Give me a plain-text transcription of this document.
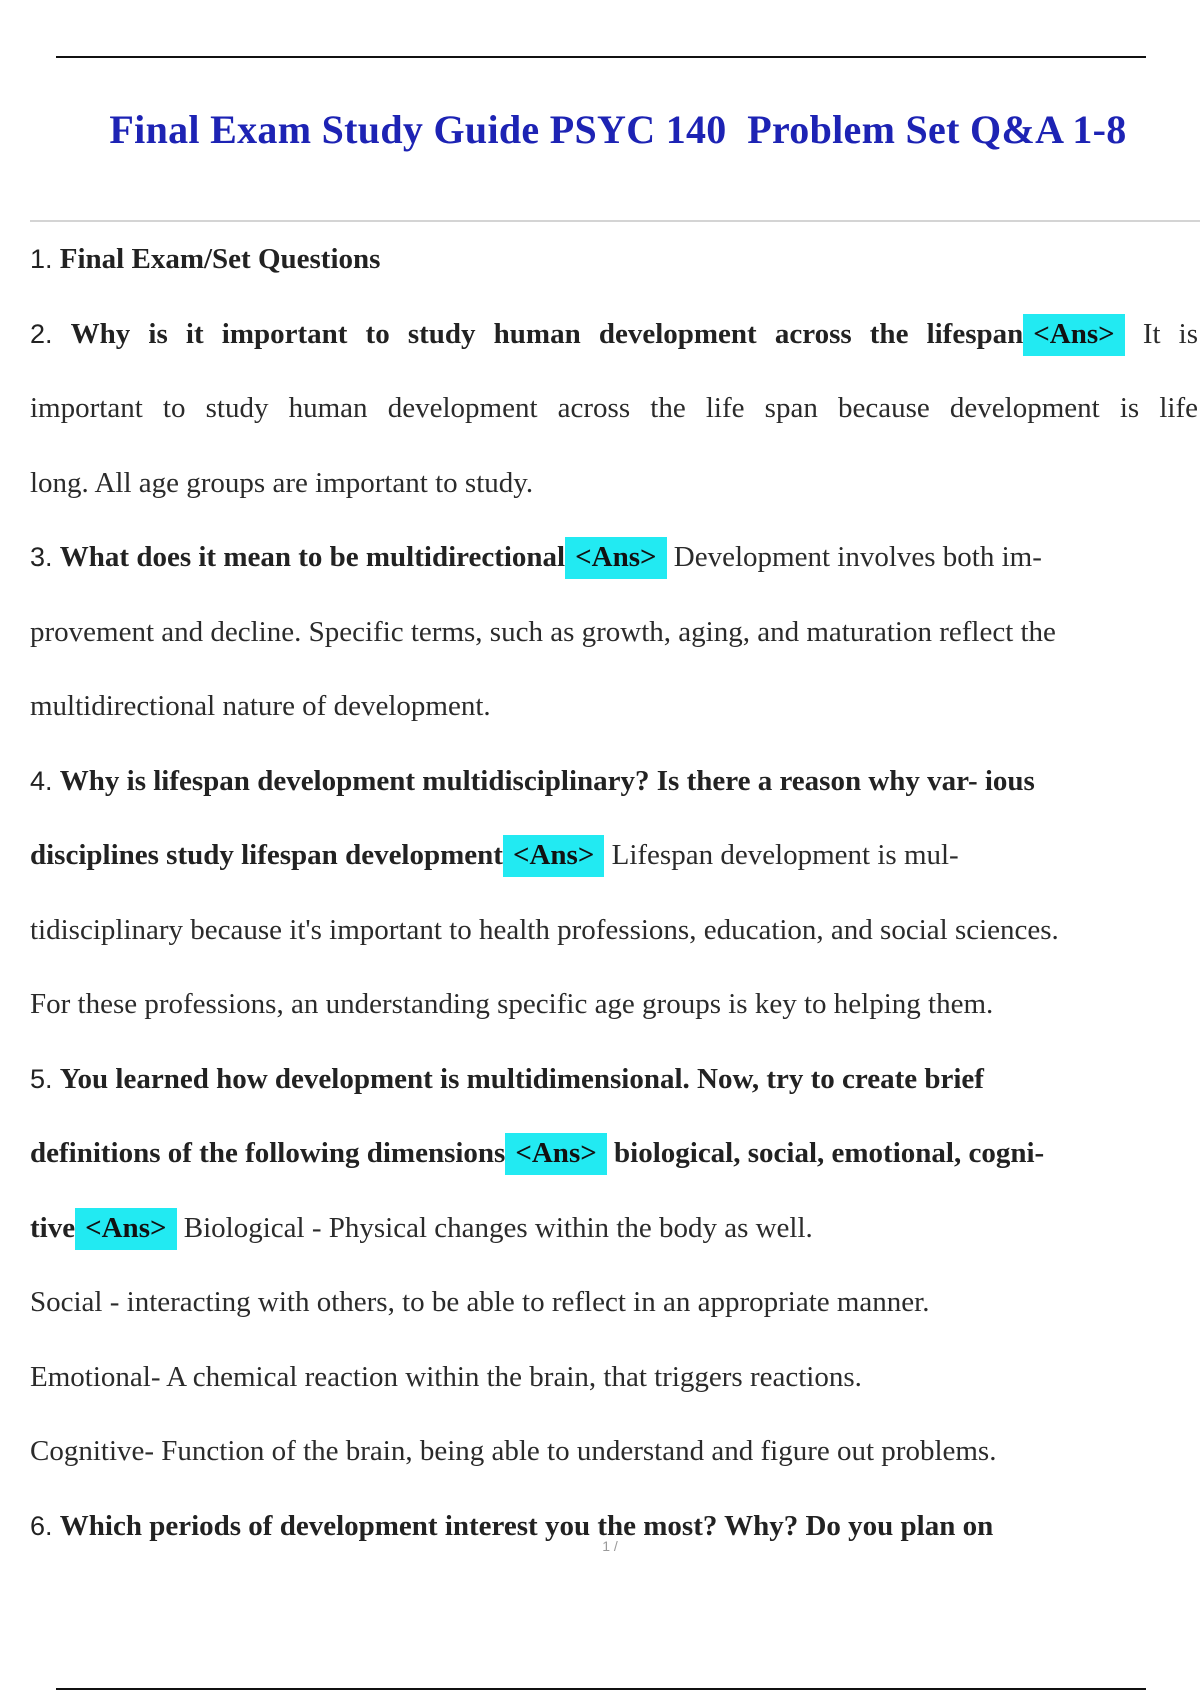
Final Exam Study Guide PSYC 140  Problem Set Q&A 1-8
1. Final Exam/Set Questions
2. Why is it important to study human development across the lifespan <Ans> It is
important to study human development across the life span because development is life
long. All age groups are important to study.
3. What does it mean to be multidirectional <Ans> Development involves both im-
provement and decline. Specific terms, such as growth, aging, and maturation reflect the
multidirectional nature of development.
4. Why is lifespan development multidisciplinary? Is there a reason why var- ious
disciplines study lifespan development <Ans> Lifespan development is mul-
tidisciplinary because it's important to health professions, education, and social sciences.
For these professions, an understanding specific age groups is key to helping them.
5. You learned how development is multidimensional. Now, try to create brief
definitions of the following dimensions <Ans> biological, social, emotional, cogni-
tive <Ans> Biological - Physical changes within the body as well.
Social - interacting with others, to be able to reflect in an appropriate manner.
Emotional- A chemical reaction within the brain, that triggers reactions.
Cognitive- Function of the brain, being able to understand and figure out problems.
6. Which periods of development interest you the most? Why? Do you plan on
1 /
